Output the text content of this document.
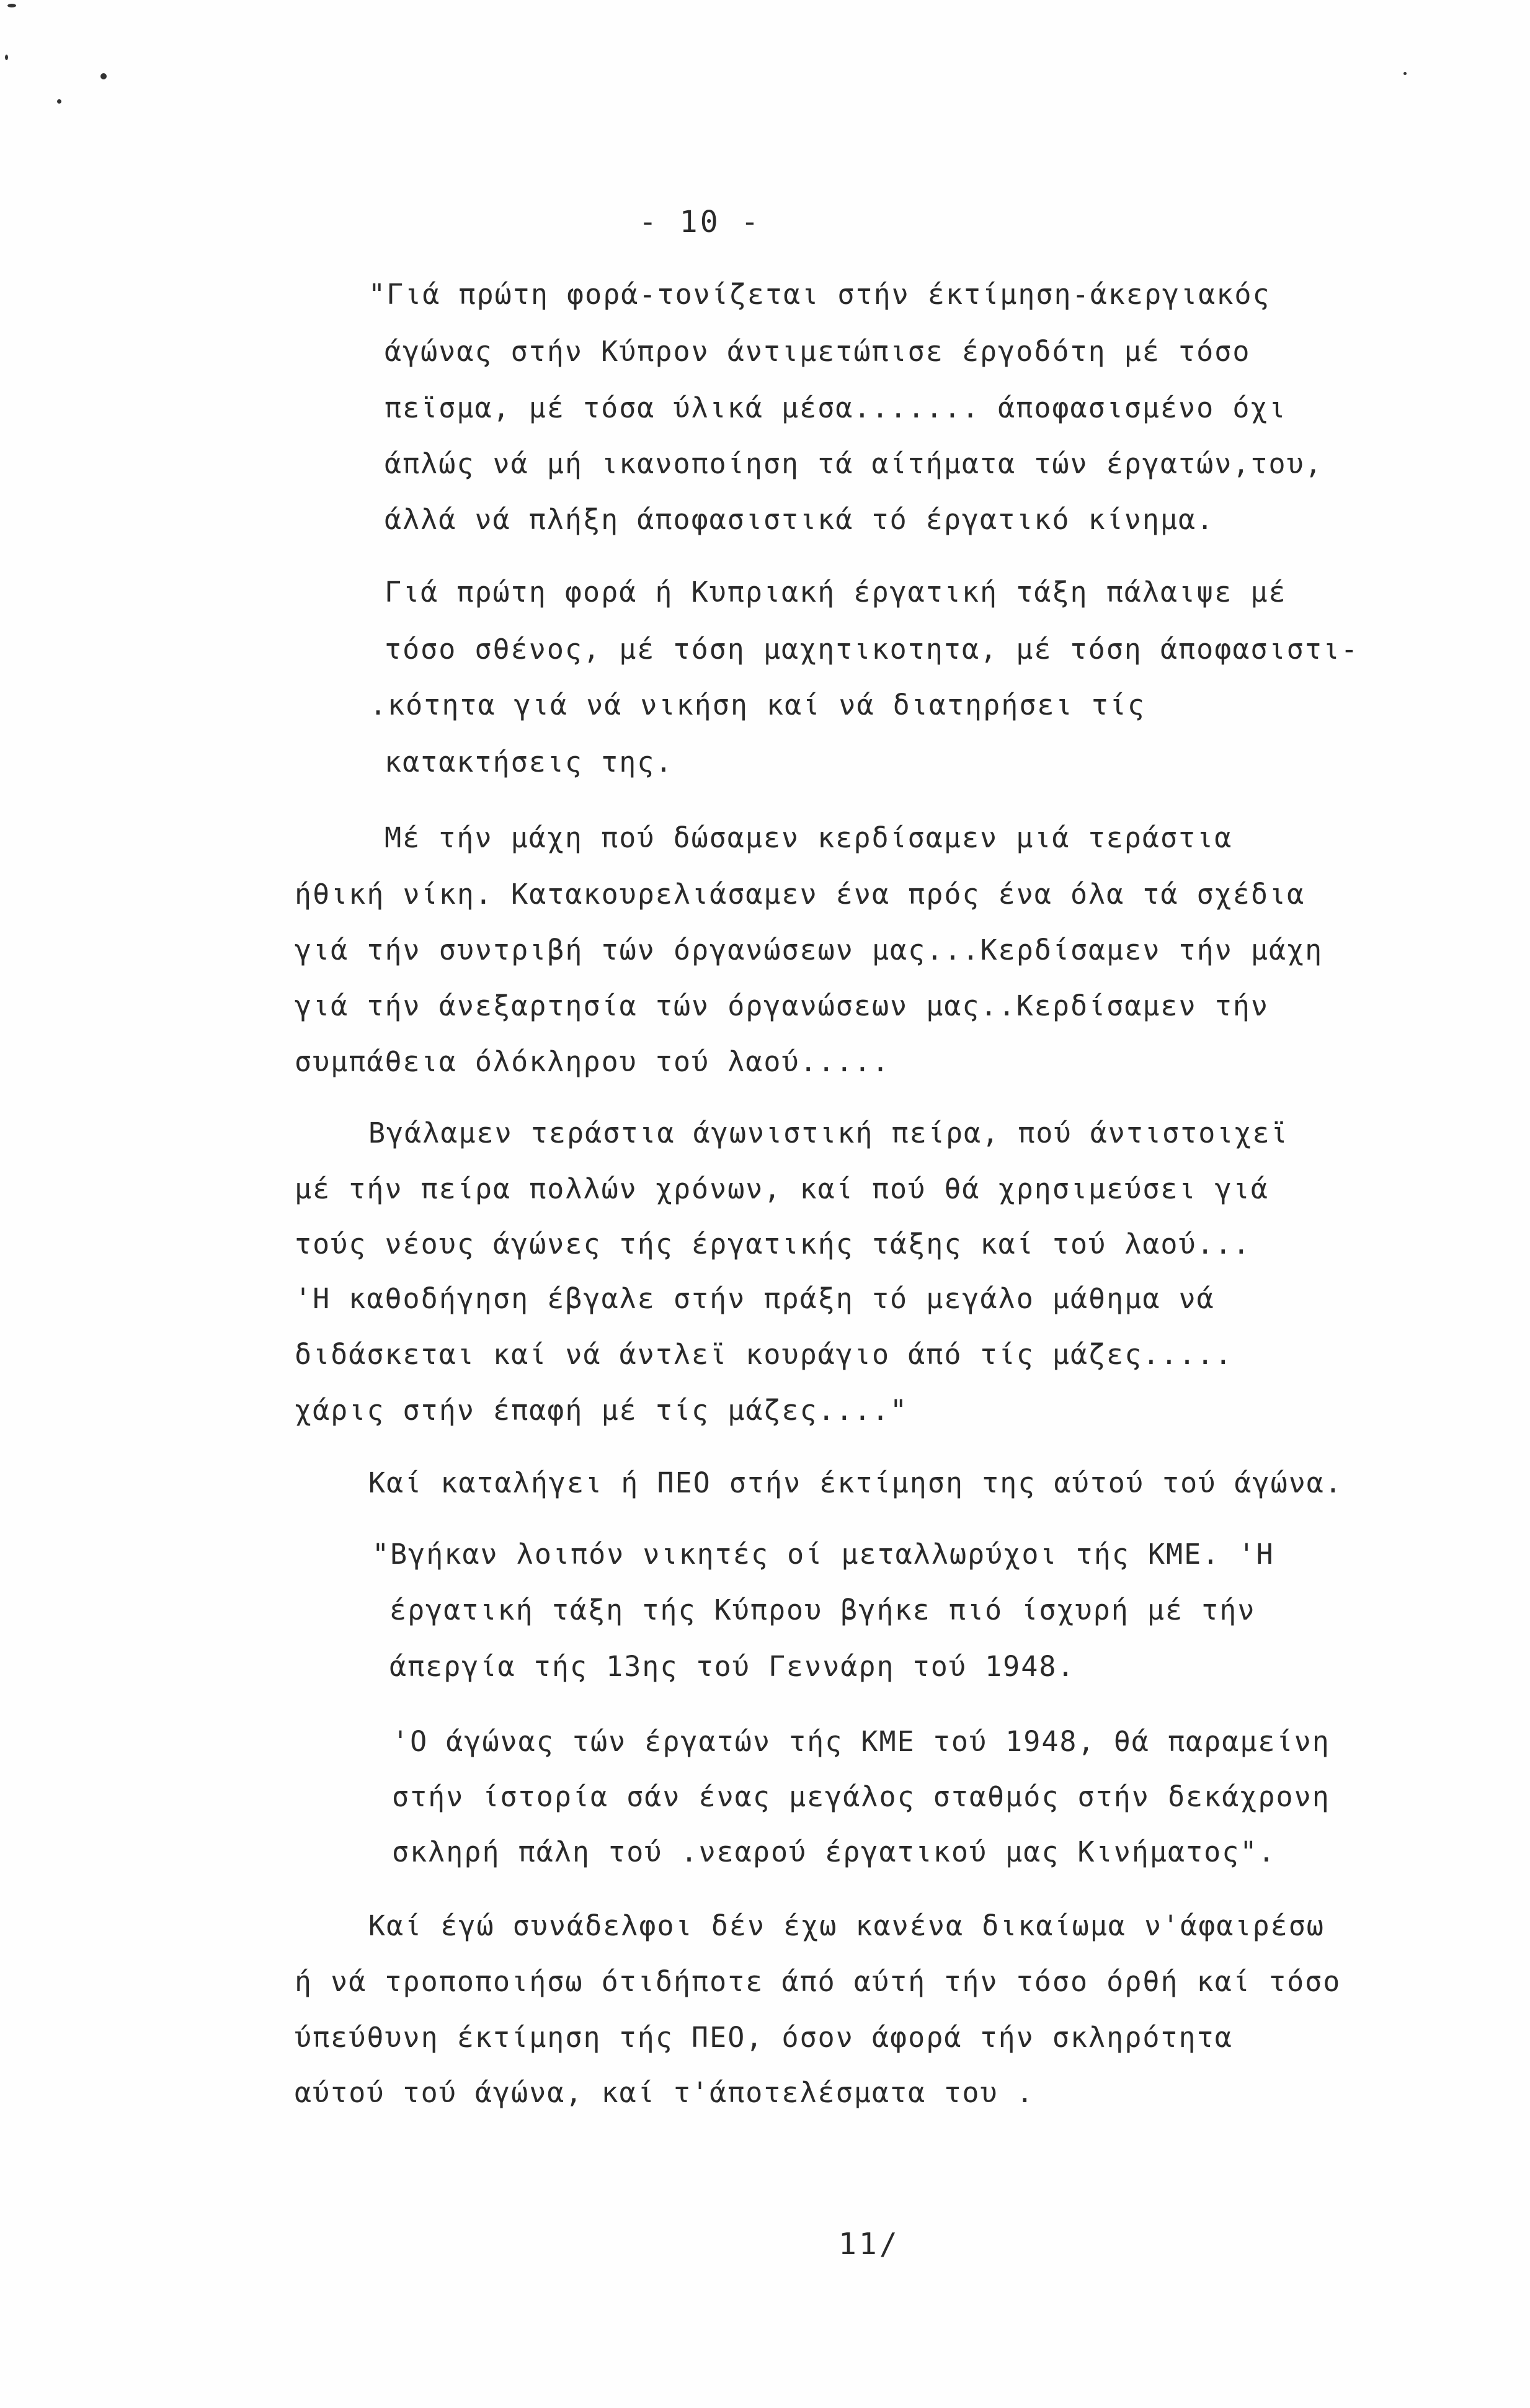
- 10 -
"Γιά πρώτη φορά-τονίζεται στήν έκτίμηση-άκεργιακός
άγώνας στήν Κύπρον άντιμετώπισε έργοδότη μέ τόσο
πεϊσμα, μέ τόσα ύλικά μέσα....... άποφασισμένο όχι
άπλώς νά μή ικανοποίηση τά αίτήματα τών έργατών,του,
άλλά νά πλήξη άποφασιστικά τό έργατικό κίνημα.
Γιά πρώτη φορά ή Κυπριακή έργατική τάξη πάλαιψε μέ
τόσο σθένος, μέ τόση μαχητικοτητα, μέ τόση άποφασιστι-
.κότητα γιά νά νικήση καί νά διατηρήσει τίς
κατακτήσεις της.
Μέ τήν μάχη πού δώσαμεν κερδίσαμεν μιά τεράστια
ήθική νίκη. Κατακουρελιάσαμεν ένα πρός ένα όλα τά σχέδια
γιά τήν συντριβή τών όργανώσεων μας...Κερδίσαμεν τήν μάχη
γιά τήν άνεξαρτησία τών όργανώσεων μας..Κερδίσαμεν τήν
συμπάθεια όλόκληρου τού λαού.....
Βγάλαμεν τεράστια άγωνιστική πείρα, πού άντιστοιχεϊ
μέ τήν πείρα πολλών χρόνων, καί πού θά χρησιμεύσει γιά
τούς νέους άγώνες τής έργατικής τάξης καί τού λαού...
'Η καθοδήγηση έβγαλε στήν πράξη τό μεγάλο μάθημα νά
διδάσκεται καί νά άντλεϊ κουράγιο άπό τίς μάζες.....
χάρις στήν έπαφή μέ τίς μάζες...."
Καί καταλήγει ή ΠΕΟ στήν έκτίμηση της αύτού τού άγώνα.
"Βγήκαν λοιπόν νικητές οί μεταλλωρύχοι τής ΚΜΕ. 'Η
έργατική τάξη τής Κύπρου βγήκε πιό ίσχυρή μέ τήν
άπεργία τής 13ης τού Γεννάρη τού 1948.
'Ο άγώνας τών έργατών τής ΚΜΕ τού 1948, θά παραμείνη
στήν ίστορία σάν ένας μεγάλος σταθμός στήν δεκάχρονη
σκληρή πάλη τού .νεαρού έργατικού μας Κινήματος".
Καί έγώ συνάδελφοι δέν έχω κανένα δικαίωμα ν'άφαιρέσω
ή νά τροποποιήσω ότιδήποτε άπό αύτή τήν τόσο όρθή καί τόσο
ύπεύθυνη έκτίμηση τής ΠΕΟ, όσον άφορά τήν σκληρότητα
αύτού τού άγώνα, καί τ'άποτελέσματα του .
11/
